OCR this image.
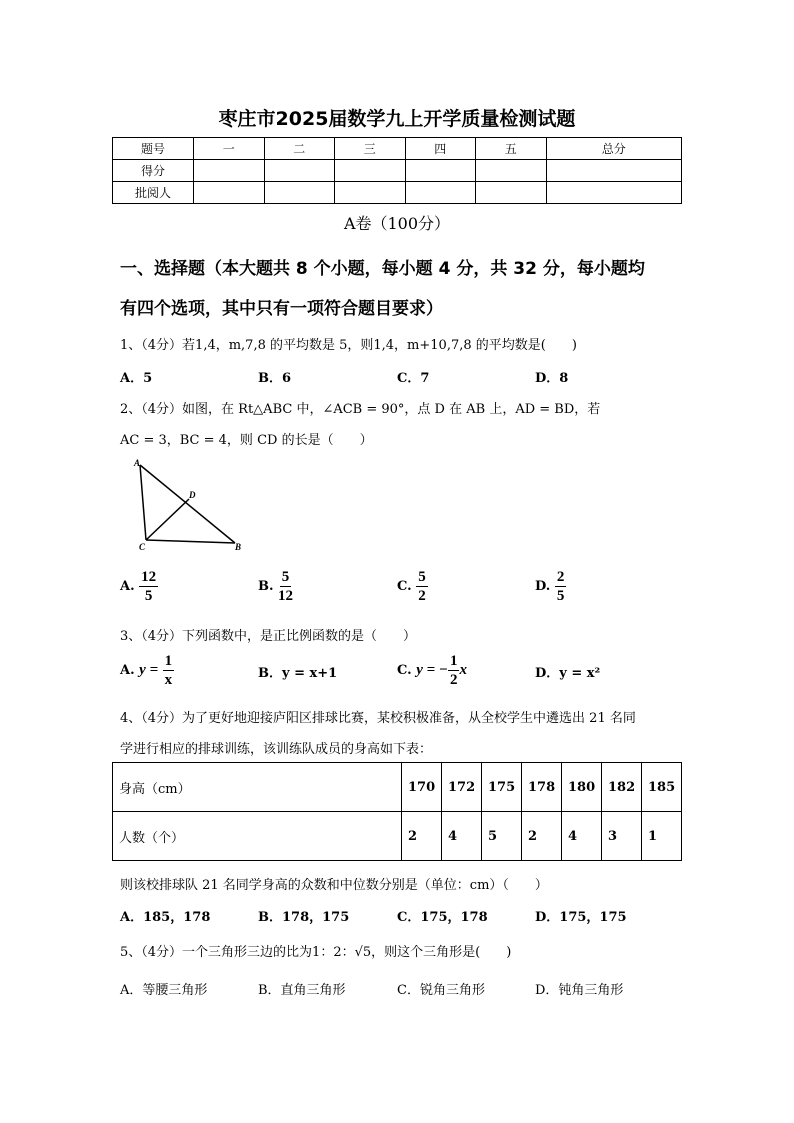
枣庄市2025届数学九上开学质量检测试题
题号	一	二	三	四	五	总分
得分						
批阅人						
A卷（100分）
一、选择题（本大题共 8 个小题，每小题 4 分，共 32 分，每小题均
有四个选项，其中只有一项符合题目要求）
1、（4分）若1,4，m,7,8 的平均数是 5，则1,4，m+10,7,8 的平均数是(　　)
A．5	B．6	C．7	D．8
2、（4分）如图，在 Rt△ABC 中，∠ACB = 90°，点 D 在 AB 上，AD = BD，若
AC = 3，BC = 4，则 CD 的长是（　　）
A
D
C	B
A. $\frac{12}{5}$	B. $\frac{5}{12}$	C. $\frac{5}{2}$	D. $\frac{2}{5}$
3、（4分）下列函数中，是正比例函数的是（　　）
A. $y = \frac{1}{x}$	B．y = x+1	C. y = − $\frac{1}{2}$ x	D．y = x²
4、（4分）为了更好地迎接庐阳区排球比赛，某校积极准备，从全校学生中遴选出 21 名同
学进行相应的排球训练，该训练队成员的身高如下表：
身高（cm）	170	172	175	178	180	182	185
人数（个）	2	4	5	2	4	3	1
则该校排球队 21 名同学身高的众数和中位数分别是（单位：cm）（　　）
A．185，178	B．178，175	C．175，178	D．175，175
5、（4分）一个三角形三边的比为1：2：√5，则这个三角形是(　　)
A．等腰三角形	B．直角三角形	C．锐角三角形	D．钝角三角形
